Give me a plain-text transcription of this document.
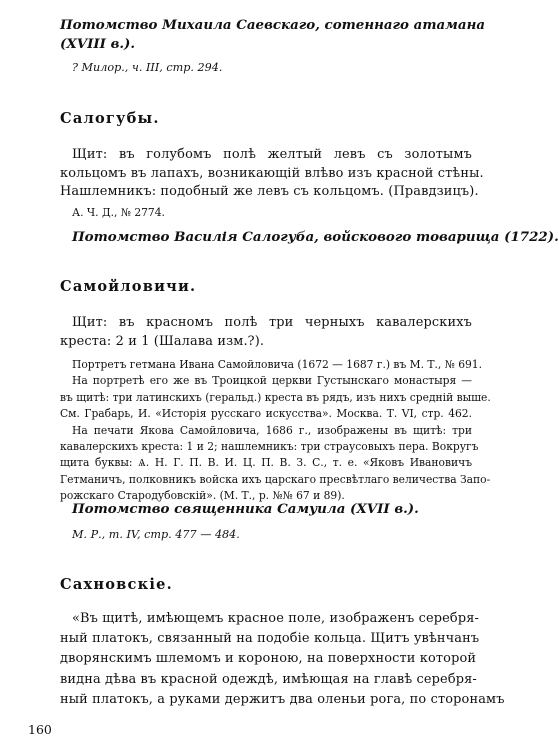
Потомство Михаила Саевскаго, сотеннаго атамана
(XVIII в.).
? Милор., ч. III, стр. 294.
Салогубы.
Щит: въ голубомъ полѣ желтый левъ съ золотымъ
кольцомъ въ лапахъ, возникающій влѣво изъ красной стѣны.
Нашлемникъ: подобный же левъ съ кольцомъ. (Правдзицъ).
А. Ч. Д., № 2774.
Потомство Василія Салогуба, войскового товарища (1722).
Самойловичи.
Щит: въ красномъ полѣ три черныхъ кавалерскихъ
креста: 2 и 1 (Шалава изм.?).
Портретъ гетмана Ивана Самойловича (1672 — 1687 г.) въ М. Т., № 691.
На портретѣ его же въ Троицкой церкви Густынскаго монастыря —
въ щитѣ: три латинскихъ (геральд.) креста въ рядъ, изъ нихъ средній выше.
См. Грабарь, И. «Исторія русскаго искусства». Москва. Т. VI, стр. 462.
На печати Якова Самойловича, 1686 г., изображены въ щитѣ: три
кавалерскихъ креста: 1 и 2; нашлемникъ: три страусовыхъ пера. Вокругъ
щита буквы: Ѧ. Н. Г. П. В. И. Ц. П. В. З. С., т. е. «Яковъ Ивановичъ
Гетманичъ, полковникъ войска ихъ царскаго пресвѣтлаго величества Запо-
рожскаго Стародубовскій». (М. Т., р. №№ 67 и 89).
Потомство священника Самуила (XVII в.).
М. Р., т. IV, стр. 477 — 484.
Сахновскіе.
«Въ щитѣ, имѣющемъ красное поле, изображенъ серебря-
ный платокъ, связанный на подобіе кольца. Щитъ увѣнчанъ
дворянскимъ шлемомъ и короною, на поверхности которой
видна дѣва въ красной одеждѣ, имѣющая на главѣ серебря-
ный платокъ, а руками держитъ два оленьи рога, по сторонамъ
160
